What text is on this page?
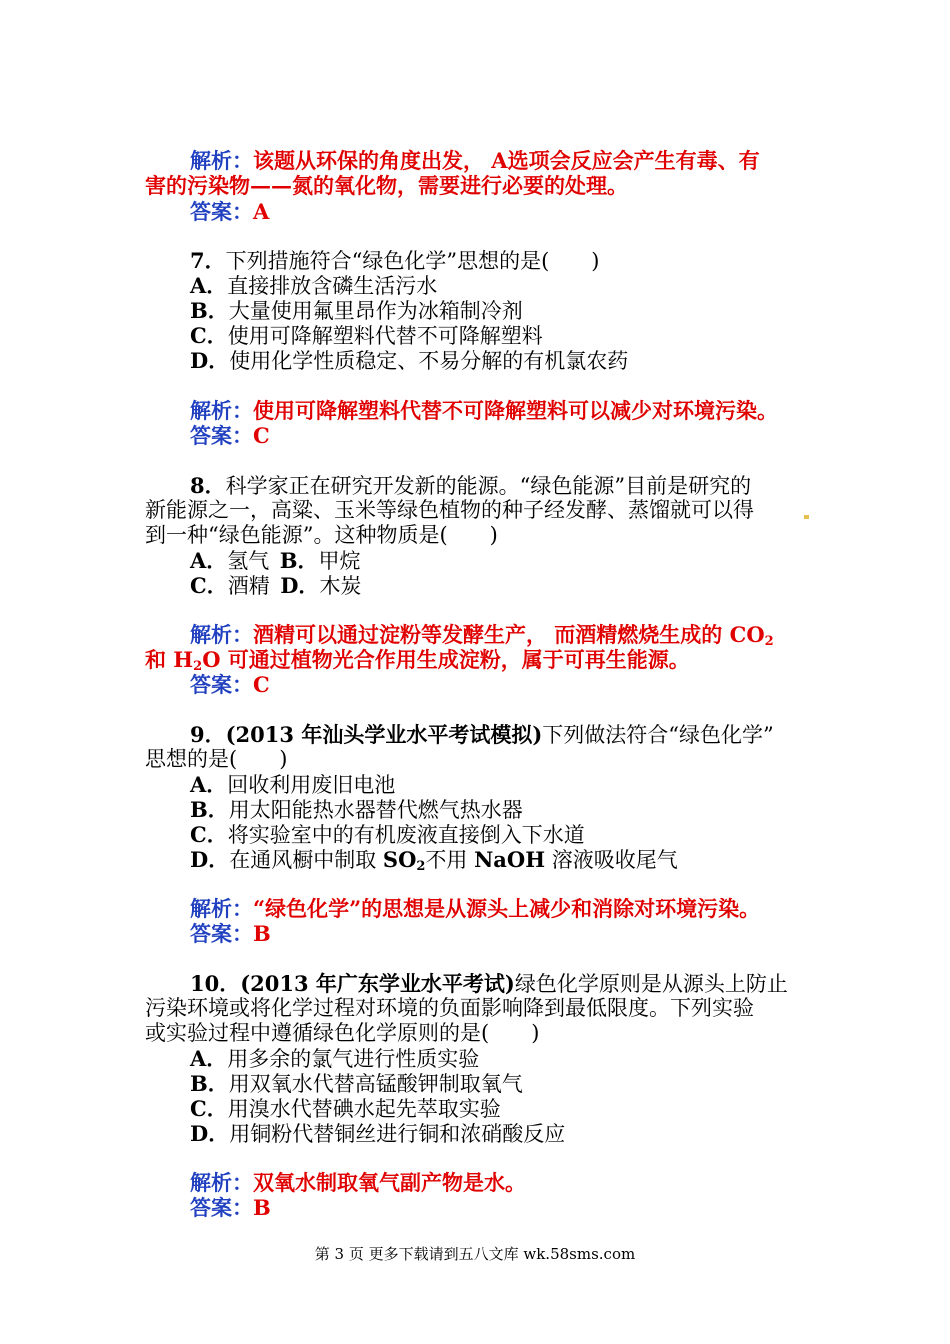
解析：该题从环保的角度出发， A选项会反应会产生有毒、有
害的污染物——氮的氧化物，需要进行必要的处理。
答案：A
7．下列措施符合“绿色化学”思想的是(　　)
A．直接排放含磷生活污水
B．大量使用氟里昂作为冰箱制冷剂
C．使用可降解塑料代替不可降解塑料
D．使用化学性质稳定、不易分解的有机氯农药
解析：使用可降解塑料代替不可降解塑料可以减少对环境污染。
答案：C
8．科学家正在研究开发新的能源。“绿色能源”目前是研究的
新能源之一，高粱、玉米等绿色植物的种子经发酵、蒸馏就可以得
到一种“绿色能源”。这种物质是(　　)
A．氢气  B．甲烷
C．酒精  D．木炭
解析：酒精可以通过淀粉等发酵生产， 而酒精燃烧生成的 $CO_2$
和 $H_2O$ 可通过植物光合作用生成淀粉，属于可再生能源。
答案：C
9．(2013 年汕头学业水平考试模拟)下列做法符合“绿色化学”
思想的是(　　)
A．回收利用废旧电池
B．用太阳能热水器替代燃气热水器
C．将实验室中的有机废液直接倒入下水道
D．在通风橱中制取 $SO_2$不用 NaOH 溶液吸收尾气
解析：“绿色化学”的思想是从源头上减少和消除对环境污染。
答案：B
10．(2013 年广东学业水平考试)绿色化学原则是从源头上防止
污染环境或将化学过程对环境的负面影响降到最低限度。下列实验
或实验过程中遵循绿色化学原则的是(　　)
A．用多余的氯气进行性质实验
B．用双氧水代替高锰酸钾制取氧气
C．用溴水代替碘水起先萃取实验
D．用铜粉代替铜丝进行铜和浓硝酸反应
解析：双氧水制取氧气副产物是水。
答案：B
第 3 页 更多下载请到五八文库 wk.58sms.com
